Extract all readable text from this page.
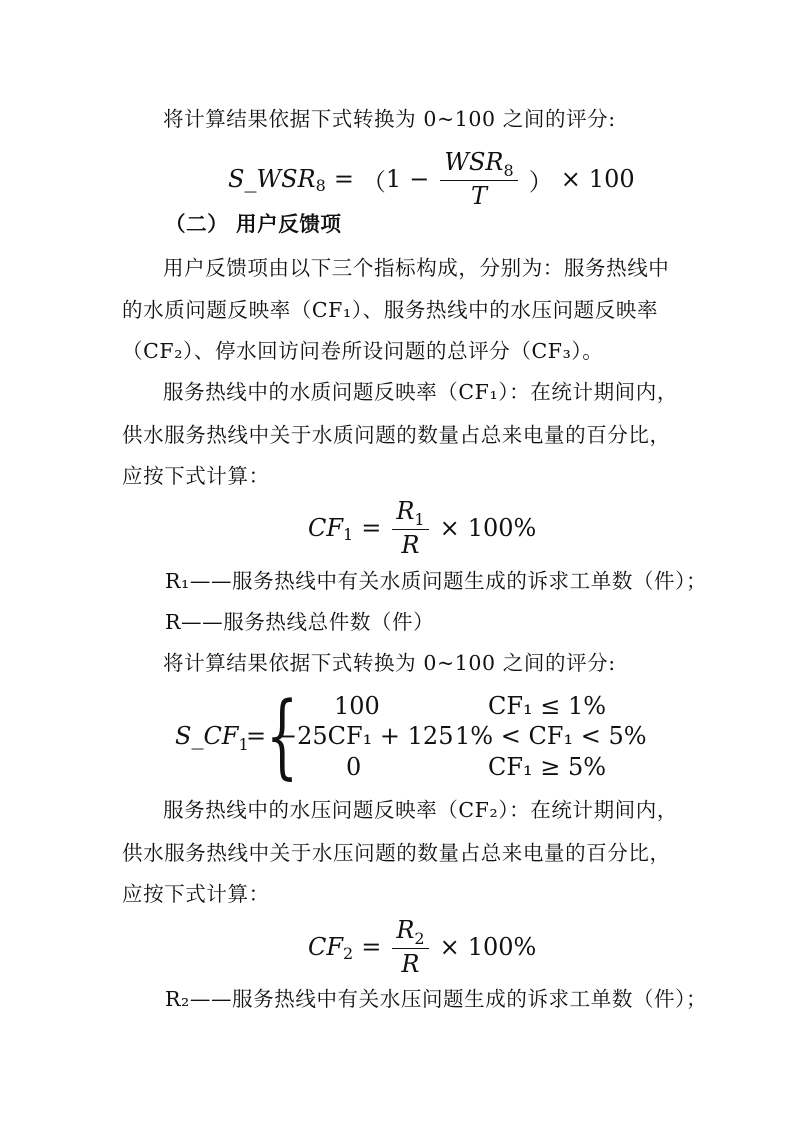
将计算结果依据下式转换为 0~100 之间的评分:
S_WSR 8 = （ $1 - \frac{WSR_8}{T}$ ） × 100
（二） 用户反馈项
用户反馈项由以下三个指标构成，分别为：服务热线中
的水质问题反映率（CF₁）、服务热线中的水压问题反映率
（CF₂）、停水回访问卷所设问题的总评分（CF₃）。
服务热线中的水质问题反映率（CF₁）：在统计期间内，
供水服务热线中关于水质问题的数量占总来电量的百分比，
应按下式计算：
CF $1 = \frac{R_1}{R} \times 100\%$
R₁——服务热线中有关水质问题生成的诉求工单数（件）；
R——服务热线总件数（件）
将计算结果依据下式转换为 0~100 之间的评分:
$S\_CF_1$
= { 100
−25CF₁ + 125
0
CF₁ ≤ 1%
1% < CF₁ < 5%
CF₁ ≥ 5%
服务热线中的水压问题反映率（CF₂）：在统计期间内，
供水服务热线中关于水压问题的数量占总来电量的百分比，
应按下式计算：
CF $2 = \frac{R_2}{R} \times 100\%$
R₂——服务热线中有关水压问题生成的诉求工单数（件）；
